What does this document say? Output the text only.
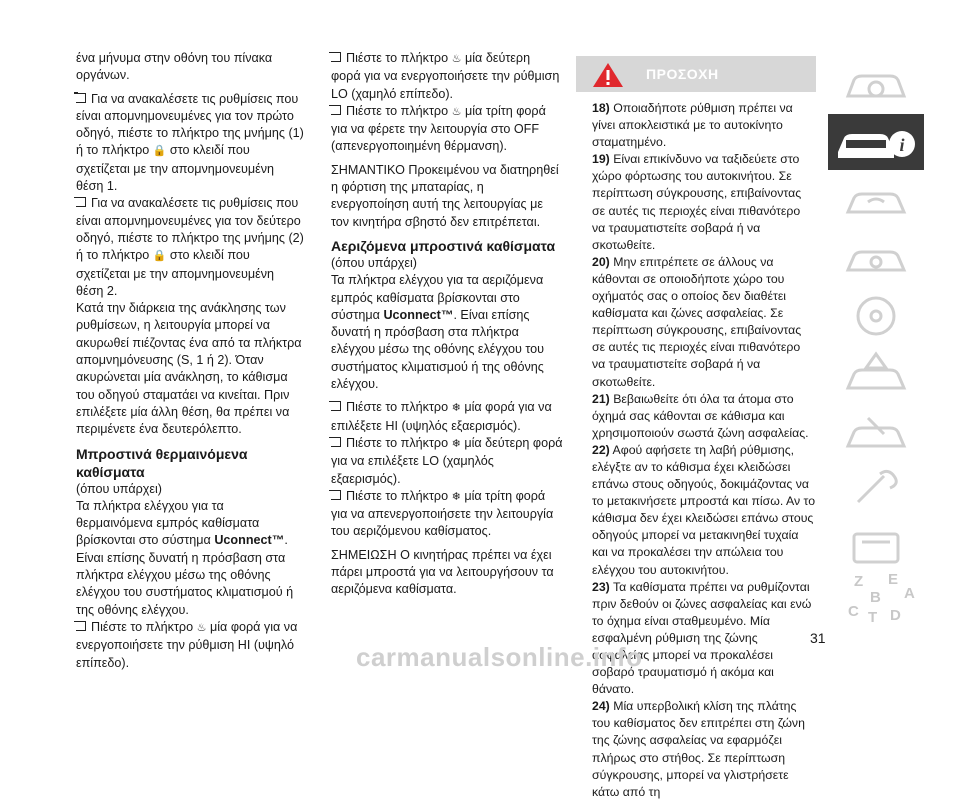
ένα μήνυμα στην οθόνη του πίνακα οργάνων.

Για να ανακαλέσετε τις ρυθμίσεις που είναι απομνημονευμένες για τον πρώτο οδηγό, πιέστε το πλήκτρο της μνήμης (1) ή το πλήκτρο 🔒 στο κλειδί που σχετίζεται με την απομνημονευμένη θέση 1.

Για να ανακαλέσετε τις ρυθμίσεις που είναι απομνημονευμένες για τον δεύτερο οδηγό, πιέστε το πλήκτρο της μνήμης (2) ή το πλήκτρο 🔒 στο κλειδί που σχετίζεται με την απομνημονευμένη θέση 2.

Κατά την διάρκεια της ανάκλησης των ρυθμίσεων, η λειτουργία μπορεί να ακυρωθεί πιέζοντας ένα από τα πλήκτρα απομνημόνευσης (S, 1 ή 2). Όταν ακυρώνεται μία ανάκληση, το κάθισμα του οδηγού σταματάει να κινείται. Πριν επιλέξετε μία άλλη θέση, θα πρέπει να περιμένετε ένα δευτερόλεπτο.

Μπροστινά θερμαινόμενα καθίσματα

(όπου υπάρχει)

Τα πλήκτρα ελέγχου για τα θερμαινόμενα εμπρός καθίσματα βρίσκονται στο σύστημα Uconnect™. Είναι επίσης δυνατή η πρόσβαση στα πλήκτρα ελέγχου μέσω της οθόνης ελέγχου του συστήματος κλιματισμού ή της οθόνης ελέγχου.

Πιέστε το πλήκτρο ♨ μία φορά για να ενεργοποιήσετε την ρύθμιση HI (υψηλό επίπεδο).

Πιέστε το πλήκτρο ♨ μία δεύτερη φορά για να ενεργοποιήσετε την ρύθμιση LO (χαμηλό επίπεδο).

Πιέστε το πλήκτρο ♨ μία τρίτη φορά για να φέρετε την λειτουργία στο OFF (απενεργοποιημένη θέρμανση).

ΣΗΜΑΝΤΙΚΟ Προκειμένου να διατηρηθεί η φόρτιση της μπαταρίας, η ενεργοποίηση αυτή της λειτουργίας με τον κινητήρα σβηστό δεν επιτρέπεται.

Αεριζόμενα μπροστινά καθίσματα

(όπου υπάρχει)

Τα πλήκτρα ελέγχου για τα αεριζόμενα εμπρός καθίσματα βρίσκονται στο σύστημα Uconnect™. Είναι επίσης δυνατή η πρόσβαση στα πλήκτρα ελέγχου μέσω της οθόνης ελέγχου του συστήματος κλιματισμού ή της οθόνης ελέγχου.

Πιέστε το πλήκτρο ❄ μία φορά για να επιλέξετε HI (υψηλός εξαερισμός).

Πιέστε το πλήκτρο ❄ μία δεύτερη φορά για να επιλέξετε LO (χαμηλός εξαερισμός).

Πιέστε το πλήκτρο ❄ μία τρίτη φορά για να απενεργοποιήσετε την λειτουργία του αεριζόμενου καθίσματος.

ΣΗΜΕΙΩΣΗ Ο κινητήρας πρέπει να έχει πάρει μπροστά για να λειτουργήσουν τα αεριζόμενα καθίσματα.

ΠΡΟΣΟΧΗ

18) Οποιαδήποτε ρύθμιση πρέπει να γίνει αποκλειστικά με το αυτοκίνητο σταματημένο.

19) Είναι επικίνδυνο να ταξιδεύετε στο χώρο φόρτωσης του αυτοκινήτου. Σε περίπτωση σύγκρουσης, επιβαίνοντας σε αυτές τις περιοχές είναι πιθανότερο να τραυματιστείτε σοβαρά ή να σκοτωθείτε.

20) Μην επιτρέπετε σε άλλους να κάθονται σε οποιοδήποτε χώρο του οχήματός σας ο οποίος δεν διαθέτει καθίσματα και ζώνες ασφαλείας. Σε περίπτωση σύγκρουσης, επιβαίνοντας σε αυτές τις περιοχές είναι πιθανότερο να τραυματιστείτε σοβαρά ή να σκοτωθείτε.

21) Βεβαιωθείτε ότι όλα τα άτομα στο όχημά σας κάθονται σε κάθισμα και χρησιμοποιούν σωστά ζώνη ασφαλείας.

22) Αφού αφήσετε τη λαβή ρύθμισης, ελέγξτε αν το κάθισμα έχει κλειδώσει επάνω στους οδηγούς, δοκιμάζοντας να το μετακινήσετε μπροστά και πίσω. Αν το κάθισμα δεν έχει κλειδώσει επάνω στους οδηγούς μπορεί να μετακινηθεί τυχαία και να προκαλέσει την απώλεια του ελέγχου του αυτοκινήτου.

23) Τα καθίσματα πρέπει να ρυθμίζονται πριν δεθούν οι ζώνες ασφαλείας και ενώ το όχημα είναι σταθμευμένο. Μία εσφαλμένη ρύθμιση της ζώνης ασφαλείας μπορεί να προκαλέσει σοβαρό τραυματισμό ή ακόμα και θάνατο.

24) Μία υπερβολική κλίση της πλάτης του καθίσματος δεν επιτρέπει στη ζώνη της ζώνης ασφαλείας να εφαρμόζει πλήρως στο στήθος. Σε περίπτωση σύγκρουσης, μπορεί να γλιστρήσετε κάτω από τη

i
Z E
B A
C T D
31
carmanualsonline.info
